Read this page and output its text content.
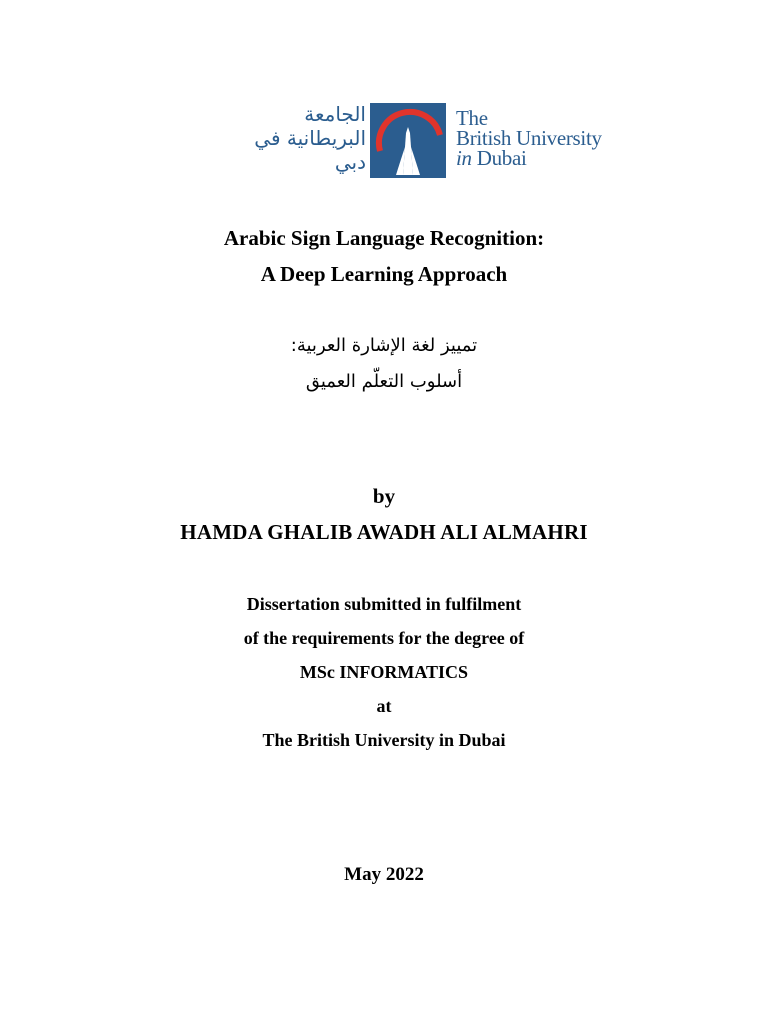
الجامعة
البريطانية في
دبي
The
British University
in Dubai
Arabic Sign Language Recognition:
A Deep Learning Approach
تمييز لغة الإشارة العربية:
أسلوب التعلّم العميق
by
HAMDA GHALIB AWADH ALI ALMAHRI
Dissertation submitted in fulfilment
of the requirements for the degree of
MSc INFORMATICS
at
The British University in Dubai
May 2022
